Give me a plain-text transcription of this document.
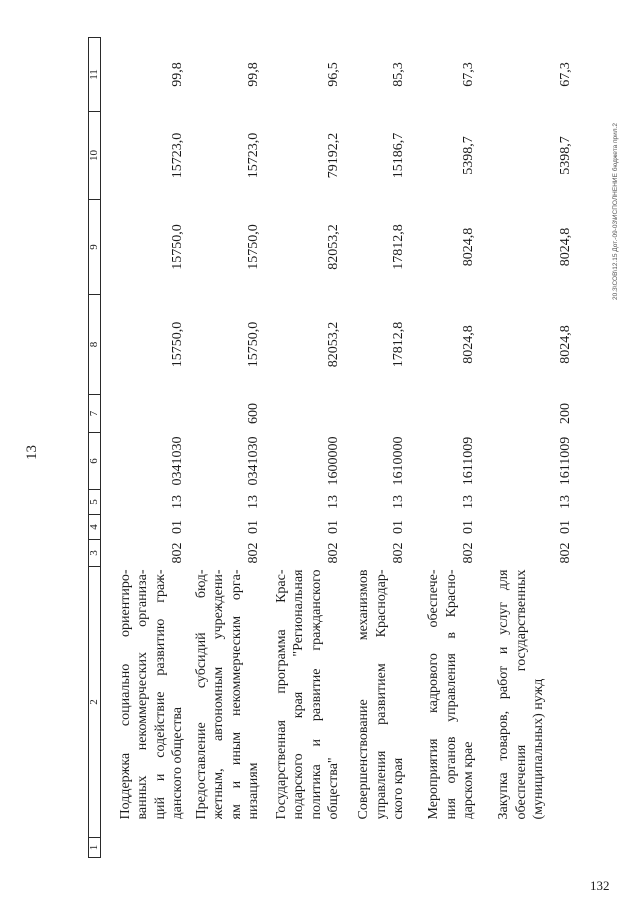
13
20.3\СОВ\12.15 Дот.-09-03\ИСПОЛНЕНИЕ бюджета прил.2
132
1	2	3	4	5	6	7	8	9	10	11

	Поддержка социально ориентиро- ванных некоммерческих организа- ций и содействие развитию граж- данского общества	802	01	13	0341030		15750,0	15750,0	15723,0	99,8

	Предоставление субсидий бюд- жетным, автономным учреждени- ям и иным некоммерческим орга- низациям	802	01	13	0341030	600	15750,0	15750,0	15723,0	99,8

	Государственная программа Крас- нодарского края "Региональная политика и развитие гражданского общества"	802	01	13	1600000		82053,2	82053,2	79192,2	96,5

	Совершенствование механизмов управления развитием Краснодар- ского края	802	01	13	1610000		17812,8	17812,8	15186,7	85,3

	Мероприятия кадрового обеспече- ния органов управления в Красно- дарском крае	802	01	13	1611009		8024,8	8024,8	5398,7	67,3

	Закупка товаров, работ и услуг для обеспечения государственных (муниципальных) нужд	802	01	13	1611009	200	8024,8	8024,8	5398,7	67,3
